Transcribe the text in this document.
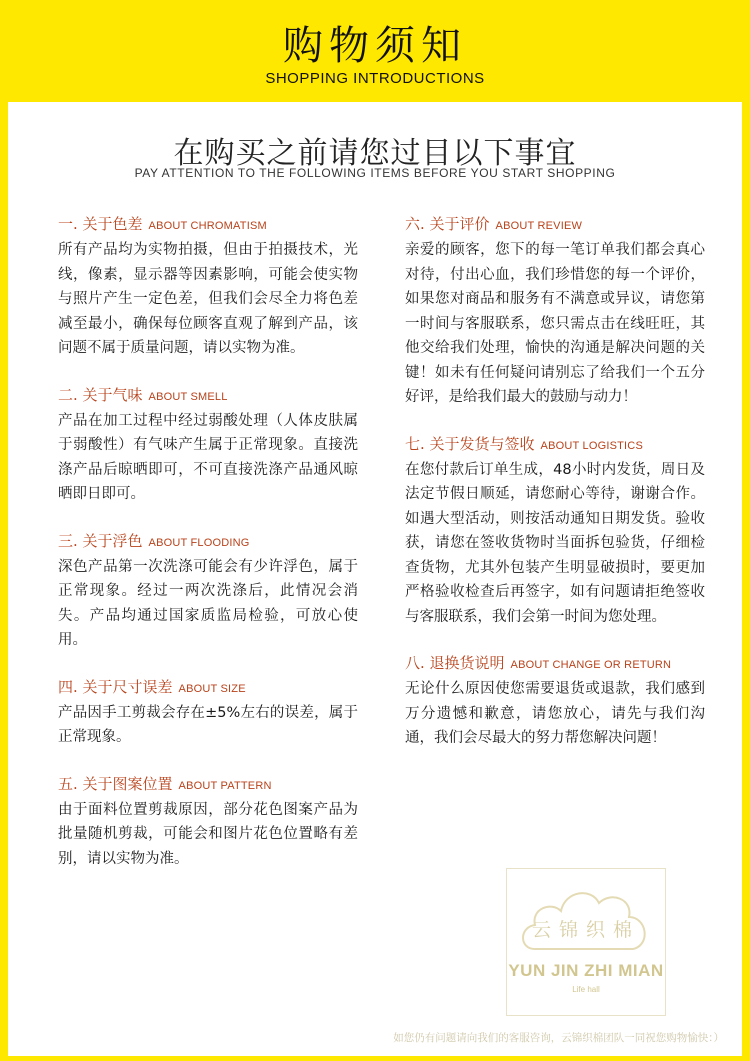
购物须知
SHOPPING INTRODUCTIONS
在购买之前请您过目以下事宜
PAY ATTENTION TO THE FOLLOWING ITEMS BEFORE YOU START SHOPPING
一. 关于色差 ABOUT CHROMATISM
所有产品均为实物拍摄，但由于拍摄技术，光线，像素，显示器等因素影响，可能会使实物与照片产生一定色差，但我们会尽全力将色差减至最小，确保每位顾客直观了解到产品，该问题不属于质量问题，请以实物为准。
二. 关于气味 ABOUT SMELL
产品在加工过程中经过弱酸处理（人体皮肤属于弱酸性）有气味产生属于正常现象。直接洗涤产品后晾晒即可，不可直接洗涤产品通风晾晒即日即可。
三. 关于浮色 ABOUT FLOODING
深色产品第一次洗涤可能会有少许浮色，属于正常现象。经过一两次洗涤后，此情况会消失。产品均通过国家质监局检验，可放心使用。
四. 关于尺寸误差 ABOUT SIZE
产品因手工剪裁会存在±5%左右的误差，属于正常现象。
五. 关于图案位置 ABOUT PATTERN
由于面料位置剪裁原因，部分花色图案产品为批量随机剪裁，可能会和图片花色位置略有差别，请以实物为准。
六. 关于评价 ABOUT REVIEW
亲爱的顾客，您下的每一笔订单我们都会真心对待，付出心血，我们珍惜您的每一个评价，如果您对商品和服务有不满意或异议，请您第一时间与客服联系，您只需点击在线旺旺，其他交给我们处理，愉快的沟通是解决问题的关键！如未有任何疑问请别忘了给我们一个五分好评，是给我们最大的鼓励与动力！
七. 关于发货与签收 ABOUT LOGISTICS
在您付款后订单生成，48小时内发货，周日及法定节假日顺延，请您耐心等待，谢谢合作。如遇大型活动，则按活动通知日期发货。验收获，请您在签收货物时当面拆包验货，仔细检查货物，尤其外包装产生明显破损时，要更加严格验收检查后再签字，如有问题请拒绝签收与客服联系，我们会第一时间为您处理。
八. 退换货说明 ABOUT CHANGE OR RETURN
无论什么原因使您需要退货或退款，我们感到万分遗憾和歉意，请您放心，请先与我们沟通，我们会尽最大的努力帮您解决问题！
云锦织棉
YUN JIN ZHI MIAN
Life hall
如您仍有问题请向我们的客服咨询，云锦织棉团队一同祝您购物愉快：）
